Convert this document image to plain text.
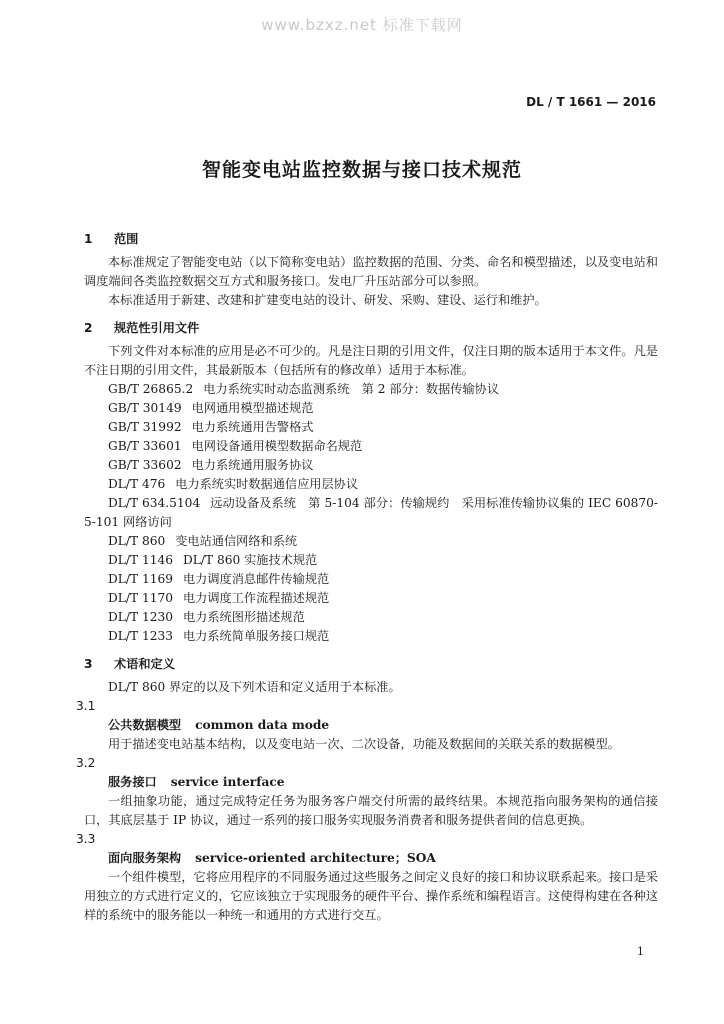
www.bzxz.net 标准下载网
DL / T 1661 — 2016
智能变电站监控数据与接口技术规范

1 范围

本标准规定了智能变电站（以下简称变电站）监控数据的范围、分类、命名和模型描述，以及变电站和调度端间各类监控数据交互方式和服务接口。发电厂升压站部分可以参照。

本标准适用于新建、改建和扩建变电站的设计、研发、采购、建设、运行和维护。

2 规范性引用文件

下列文件对本标准的应用是必不可少的。凡是注日期的引用文件，仅注日期的版本适用于本文件。凡是不注日期的引用文件，其最新版本（包括所有的修改单）适用于本标准。

GB/T 26865.2 电力系统实时动态监测系统　第 2 部分：数据传输协议

GB/T 30149 电网通用模型描述规范

GB/T 31992 电力系统通用告警格式

GB/T 33601 电网设备通用模型数据命名规范

GB/T 33602 电力系统通用服务协议

DL/T 476 电力系统实时数据通信应用层协议

DL/T 634.5104 远动设备及系统　第 5-104 部分：传输规约　采用标准传输协议集的 IEC 60870-5-101 网络访问

DL/T 860 变电站通信网络和系统

DL/T 1146 DL/T 860 实施技术规范

DL/T 1169 电力调度消息邮件传输规范

DL/T 1170 电力调度工作流程描述规范

DL/T 1230 电力系统图形描述规范

DL/T 1233 电力系统简单服务接口规范

3 术语和定义

DL/T 860 界定的以及下列术语和定义适用于本标准。

3.1

公共数据模型 common data mode

用于描述变电站基本结构，以及变电站一次、二次设备，功能及数据间的关联关系的数据模型。

3.2

服务接口 service interface

一组抽象功能，通过完成特定任务为服务客户端交付所需的最终结果。本规范指向服务架构的通信接口，其底层基于 IP 协议，通过一系列的接口服务实现服务消费者和服务提供者间的信息更换。

3.3

面向服务架构 service-oriented architecture；SOA

一个组件模型，它将应用程序的不同服务通过这些服务之间定义良好的接口和协议联系起来。接口是采用独立的方式进行定义的，它应该独立于实现服务的硬件平台、操作系统和编程语言。这使得构建在各种这样的系统中的服务能以一种统一和通用的方式进行交互。

1
